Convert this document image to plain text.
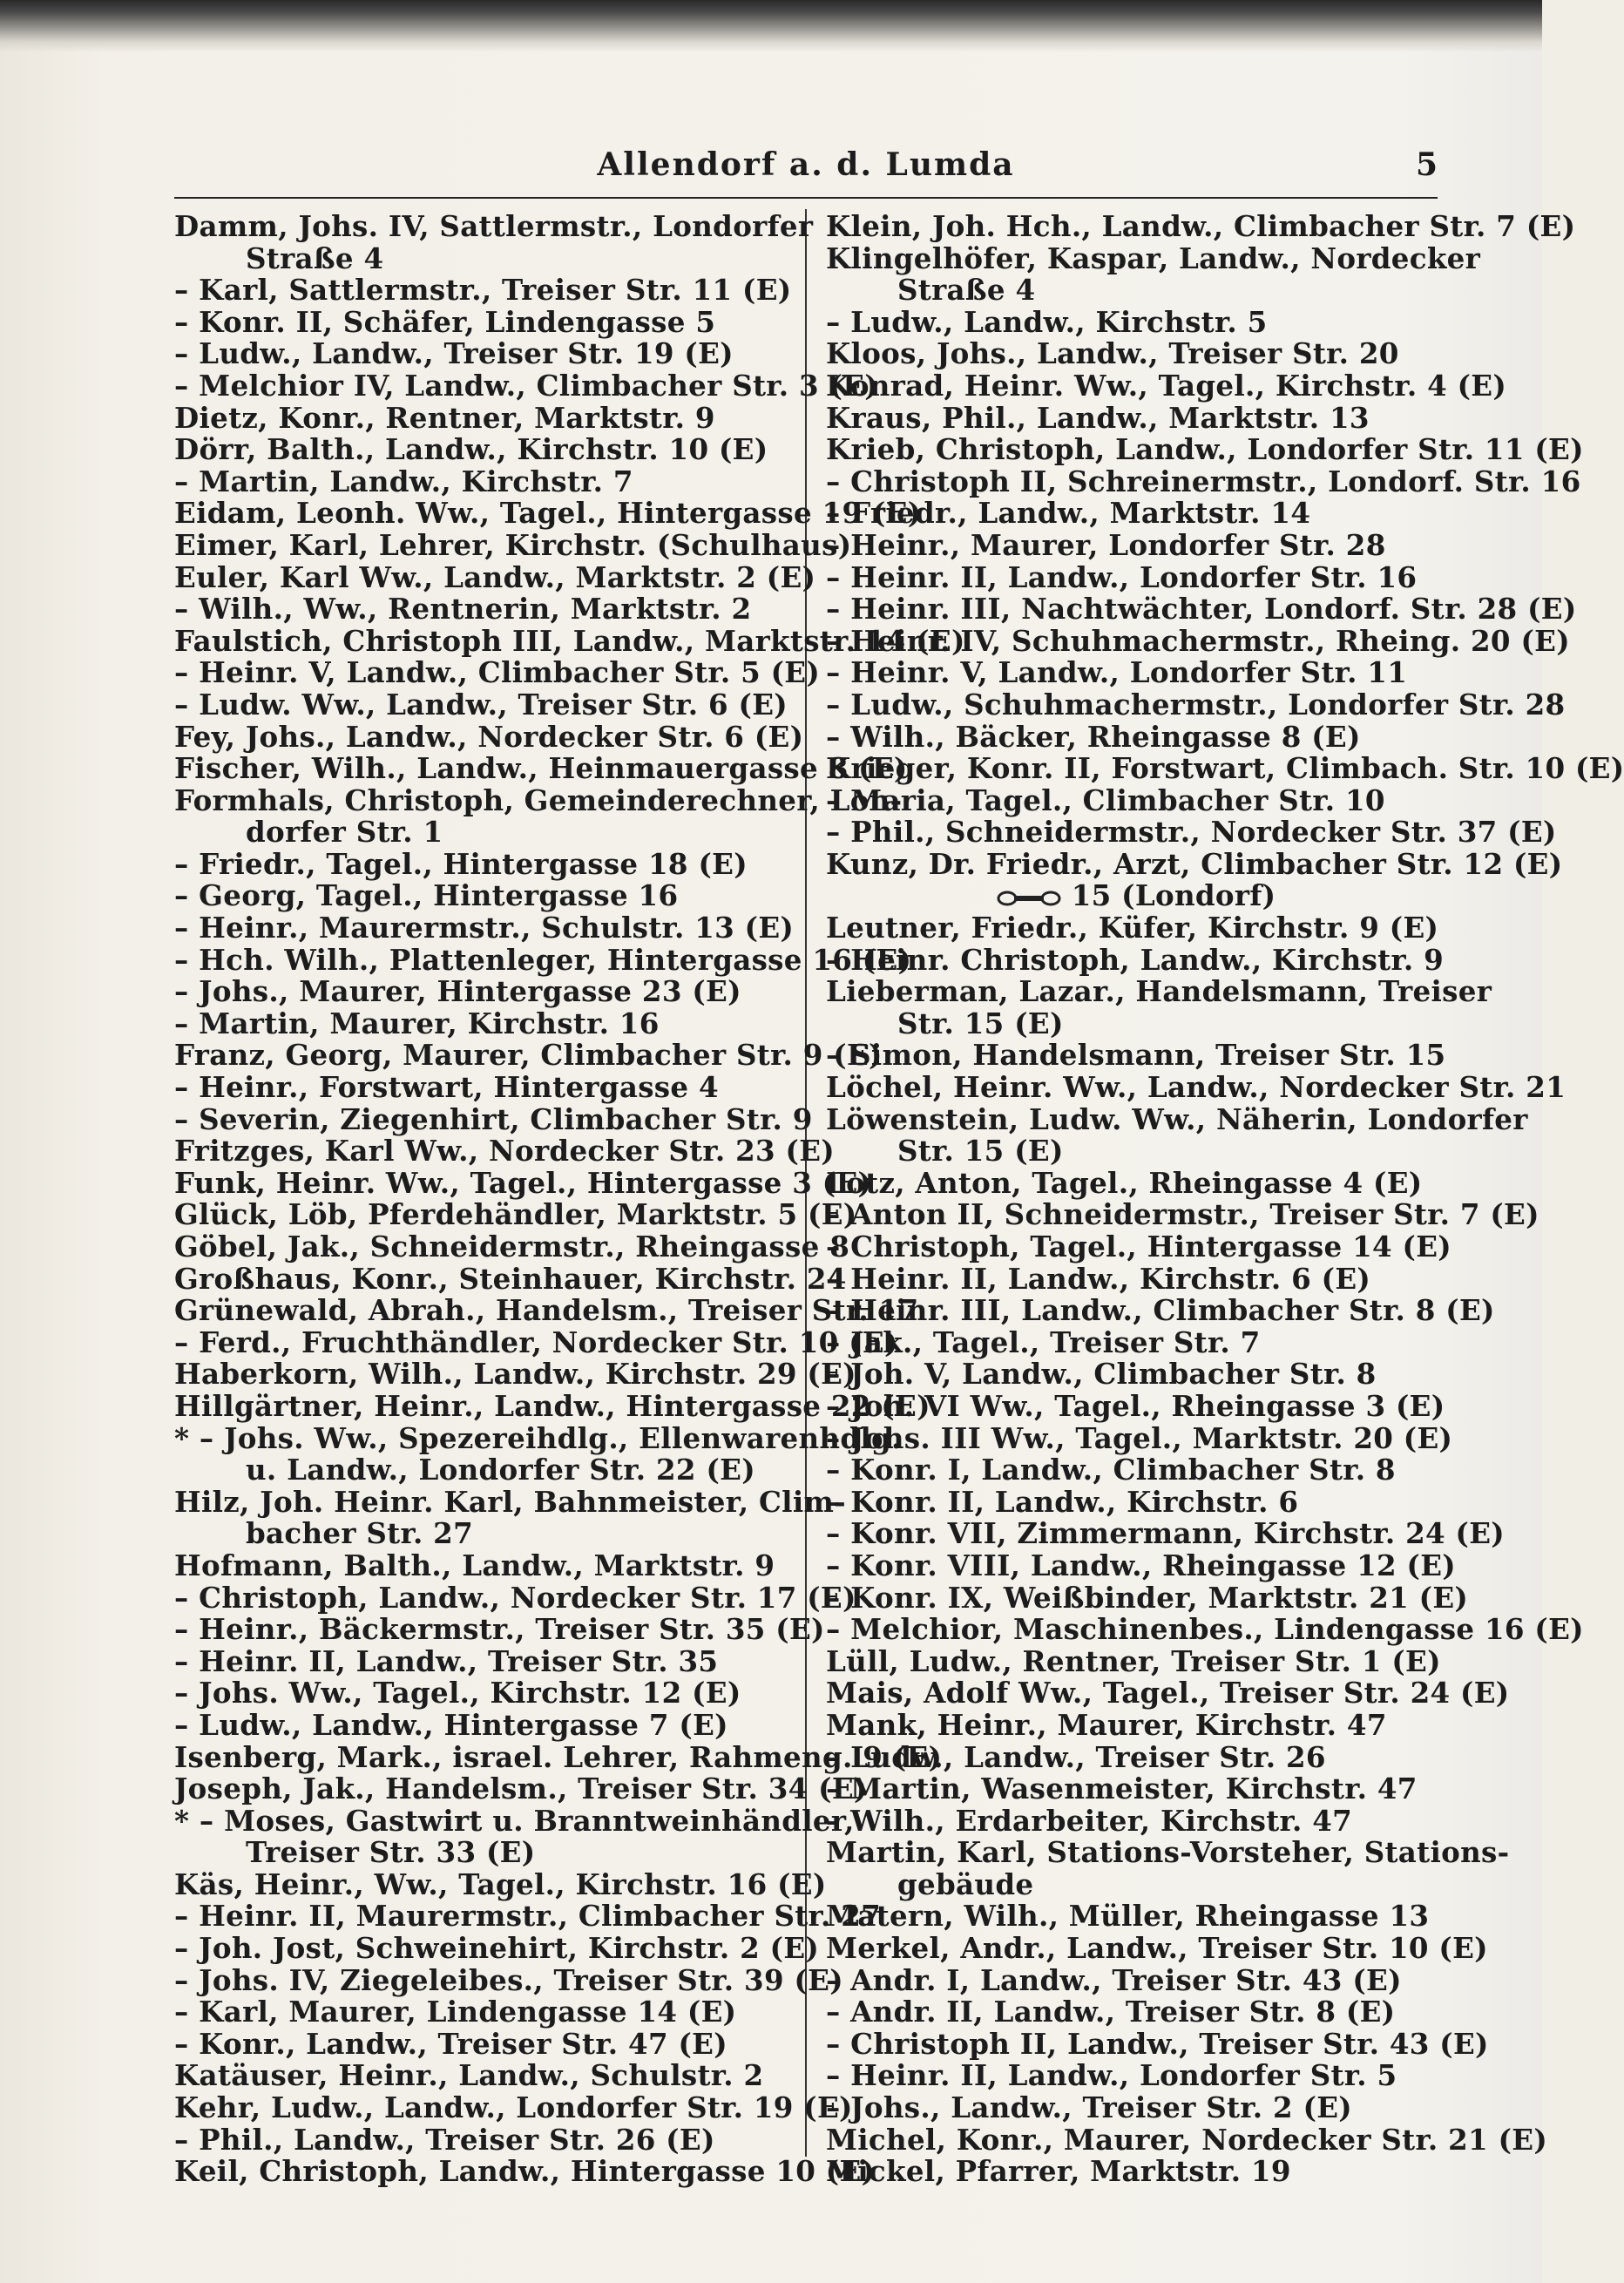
Allendorf a. d. Lumda	5
Damm, Johs. IV, Sattlermstr., Londorfer
Straße 4
– Karl, Sattlermstr., Treiser Str. 11 (E)
– Konr. II, Schäfer, Lindengasse 5
– Ludw., Landw., Treiser Str. 19 (E)
– Melchior IV, Landw., Climbacher Str. 3 (E)
Dietz, Konr., Rentner, Marktstr. 9
Dörr, Balth., Landw., Kirchstr. 10 (E)
– Martin, Landw., Kirchstr. 7
Eidam, Leonh. Ww., Tagel., Hintergasse 19 (E)
Eimer, Karl, Lehrer, Kirchstr. (Schulhaus)
Euler, Karl Ww., Landw., Marktstr. 2 (E)
– Wilh., Ww., Rentnerin, Marktstr. 2
Faulstich, Christoph III, Landw., Marktstr. 14 (E)
– Heinr. V, Landw., Climbacher Str. 5 (E)
– Ludw. Ww., Landw., Treiser Str. 6 (E)
Fey, Johs., Landw., Nordecker Str. 6 (E)
Fischer, Wilh., Landw., Heinmauergasse 8 (E)
Formhals, Christoph, Gemeinderechner, Lon-
dorfer Str. 1
– Friedr., Tagel., Hintergasse 18 (E)
– Georg, Tagel., Hintergasse 16
– Heinr., Maurermstr., Schulstr. 13 (E)
– Hch. Wilh., Plattenleger, Hintergasse 16 (E)
– Johs., Maurer, Hintergasse 23 (E)
– Martin, Maurer, Kirchstr. 16
Franz, Georg, Maurer, Climbacher Str. 9 (E)
– Heinr., Forstwart, Hintergasse 4
– Severin, Ziegenhirt, Climbacher Str. 9
Fritzges, Karl Ww., Nordecker Str. 23 (E)
Funk, Heinr. Ww., Tagel., Hintergasse 3 (E)
Glück, Löb, Pferdehändler, Marktstr. 5 (E)
Göbel, Jak., Schneidermstr., Rheingasse 8
Großhaus, Konr., Steinhauer, Kirchstr. 24
Grünewald, Abrah., Handelsm., Treiser Str. 17
– Ferd., Fruchthändler, Nordecker Str. 10 (E)
Haberkorn, Wilh., Landw., Kirchstr. 29 (E)
Hillgärtner, Heinr., Landw., Hintergasse 22 (E)
* – Johs. Ww., Spezereihdlg., Ellenwarenhdlg.
u. Landw., Londorfer Str. 22 (E)
Hilz, Joh. Heinr. Karl, Bahnmeister, Clim-
bacher Str. 27
Hofmann, Balth., Landw., Marktstr. 9
– Christoph, Landw., Nordecker Str. 17 (E)
– Heinr., Bäckermstr., Treiser Str. 35 (E)
– Heinr. II, Landw., Treiser Str. 35
– Johs. Ww., Tagel., Kirchstr. 12 (E)
– Ludw., Landw., Hintergasse 7 (E)
Isenberg, Mark., israel. Lehrer, Rahmeng. 9 (E)
Joseph, Jak., Handelsm., Treiser Str. 34 (E)
* – Moses, Gastwirt u. Branntweinhändler,
Treiser Str. 33 (E)
Käs, Heinr., Ww., Tagel., Kirchstr. 16 (E)
– Heinr. II, Maurermstr., Climbacher Str. 27
– Joh. Jost, Schweinehirt, Kirchstr. 2 (E)
– Johs. IV, Ziegeleibes., Treiser Str. 39 (E)
– Karl, Maurer, Lindengasse 14 (E)
– Konr., Landw., Treiser Str. 47 (E)
Katäuser, Heinr., Landw., Schulstr. 2
Kehr, Ludw., Landw., Londorfer Str. 19 (E)
– Phil., Landw., Treiser Str. 26 (E)
Keil, Christoph, Landw., Hintergasse 10 (E)
Klein, Joh. Hch., Landw., Climbacher Str. 7 (E)
Klingelhöfer, Kaspar, Landw., Nordecker
Straße 4
– Ludw., Landw., Kirchstr. 5
Kloos, Johs., Landw., Treiser Str. 20
Konrad, Heinr. Ww., Tagel., Kirchstr. 4 (E)
Kraus, Phil., Landw., Marktstr. 13
Krieb, Christoph, Landw., Londorfer Str. 11 (E)
– Christoph II, Schreinermstr., Londorf. Str. 16
– Friedr., Landw., Marktstr. 14
– Heinr., Maurer, Londorfer Str. 28
– Heinr. II, Landw., Londorfer Str. 16
– Heinr. III, Nachtwächter, Londorf. Str. 28 (E)
– Heinr. IV, Schuhmachermstr., Rheing. 20 (E)
– Heinr. V, Landw., Londorfer Str. 11
– Ludw., Schuhmachermstr., Londorfer Str. 28
– Wilh., Bäcker, Rheingasse 8 (E)
Krieger, Konr. II, Forstwart, Climbach. Str. 10 (E)
– Maria, Tagel., Climbacher Str. 10
– Phil., Schneidermstr., Nordecker Str. 37 (E)
Kunz, Dr. Friedr., Arzt, Climbacher Str. 12 (E)
15 (Londorf)
Leutner, Friedr., Küfer, Kirchstr. 9 (E)
– Heinr. Christoph, Landw., Kirchstr. 9
Lieberman, Lazar., Handelsmann, Treiser
Str. 15 (E)
– Simon, Handelsmann, Treiser Str. 15
Löchel, Heinr. Ww., Landw., Nordecker Str. 21
Löwenstein, Ludw. Ww., Näherin, Londorfer
Str. 15 (E)
Lotz, Anton, Tagel., Rheingasse 4 (E)
– Anton II, Schneidermstr., Treiser Str. 7 (E)
– Christoph, Tagel., Hintergasse 14 (E)
– Heinr. II, Landw., Kirchstr. 6 (E)
– Heinr. III, Landw., Climbacher Str. 8 (E)
– Jak., Tagel., Treiser Str. 7
– Joh. V, Landw., Climbacher Str. 8
– Joh. VI Ww., Tagel., Rheingasse 3 (E)
– Johs. III Ww., Tagel., Marktstr. 20 (E)
– Konr. I, Landw., Climbacher Str. 8
– Konr. II, Landw., Kirchstr. 6
– Konr. VII, Zimmermann, Kirchstr. 24 (E)
– Konr. VIII, Landw., Rheingasse 12 (E)
– Konr. IX, Weißbinder, Marktstr. 21 (E)
– Melchior, Maschinenbes., Lindengasse 16 (E)
Lüll, Ludw., Rentner, Treiser Str. 1 (E)
Mais, Adolf Ww., Tagel., Treiser Str. 24 (E)
Mank, Heinr., Maurer, Kirchstr. 47
– Ludw., Landw., Treiser Str. 26
– Martin, Wasenmeister, Kirchstr. 47
– Wilh., Erdarbeiter, Kirchstr. 47
Martin, Karl, Stations-Vorsteher, Stations-
gebäude
Matern, Wilh., Müller, Rheingasse 13
Merkel, Andr., Landw., Treiser Str. 10 (E)
– Andr. I, Landw., Treiser Str. 43 (E)
– Andr. II, Landw., Treiser Str. 8 (E)
– Christoph II, Landw., Treiser Str. 43 (E)
– Heinr. II, Landw., Londorfer Str. 5
– Johs., Landw., Treiser Str. 2 (E)
Michel, Konr., Maurer, Nordecker Str. 21 (E)
Mickel, Pfarrer, Marktstr. 19
